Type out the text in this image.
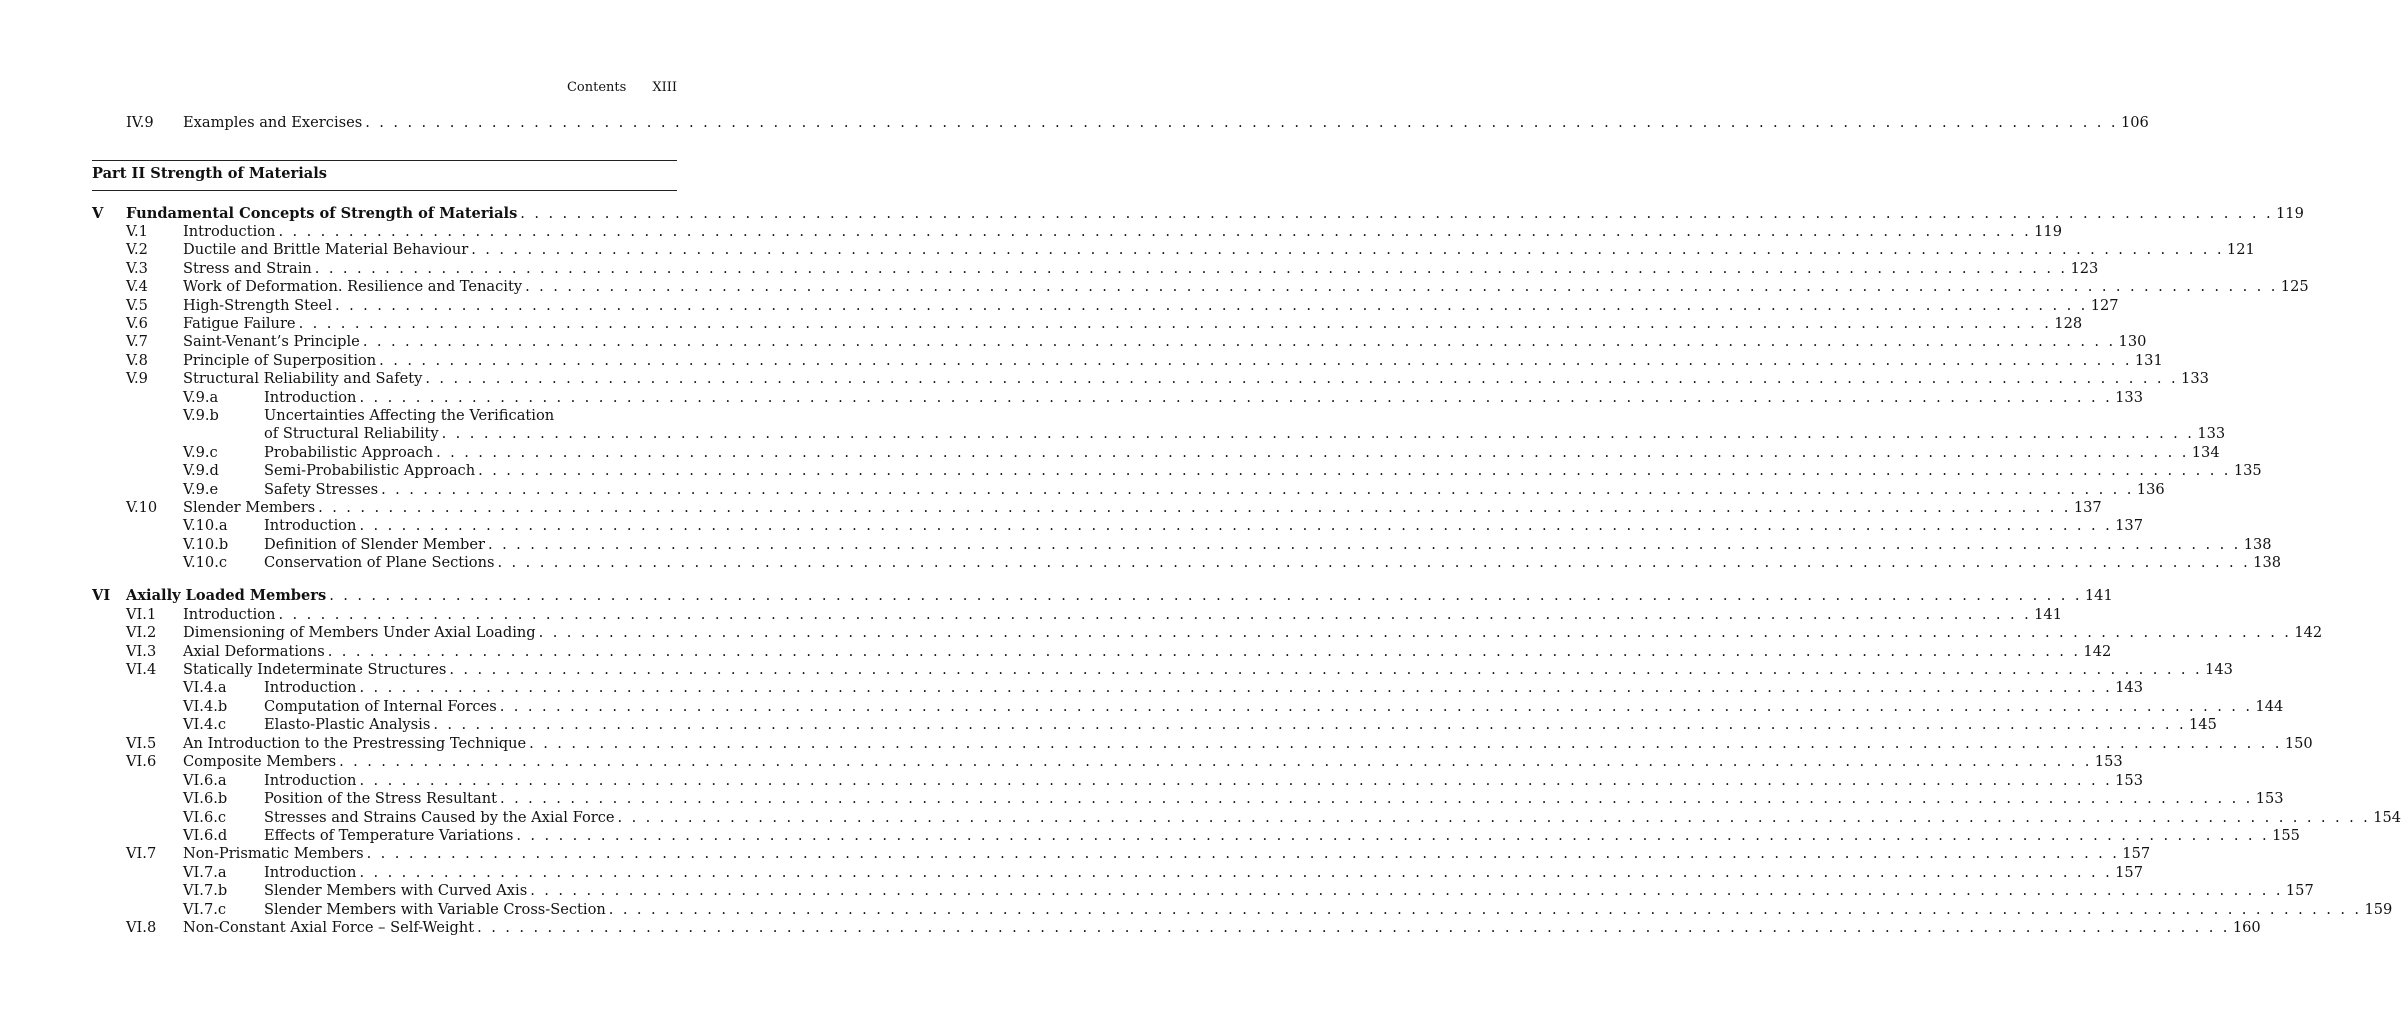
Contents XIII
IV.9	Examples and Exercises . . .	106
Part II Strength of Materials
V	Fundamental Concepts of Strength of Materials . . .	119
V.1	Introduction . . .	119
V.2	Ductile and Brittle Material Behaviour . . .	121
V.3	Stress and Strain . . .	123
V.4	Work of Deformation. Resilience and Tenacity . . .	125
V.5	High-Strength Steel . . .	127
V.6	Fatigue Failure . . .	128
V.7	Saint-Venant’s Principle . . .	130
V.8	Principle of Superposition . . .	131
V.9	Structural Reliability and Safety . . .	133
V.9.a	Introduction . . .	133
V.9.b	Uncertainties Affecting the Verification
of Structural Reliability . . .	133
V.9.c	Probabilistic Approach . . .	134
V.9.d	Semi-Probabilistic Approach . . .	135
V.9.e	Safety Stresses . . .	136
V.10	Slender Members . . .	137
V.10.a	Introduction . . .	137
V.10.b	Definition of Slender Member . . .	138
V.10.c	Conservation of Plane Sections . . .	138
VI	Axially Loaded Members . . .	141
VI.1	Introduction . . .	141
VI.2	Dimensioning of Members Under Axial Loading . . .	142
VI.3	Axial Deformations . . .	142
VI.4	Statically Indeterminate Structures . . .	143
VI.4.a	Introduction . . .	143
VI.4.b	Computation of Internal Forces . . .	144
VI.4.c	Elasto-Plastic Analysis . . .	145
VI.5	An Introduction to the Prestressing Technique . . .	150
VI.6	Composite Members . . .	153
VI.6.a	Introduction . . .	153
VI.6.b	Position of the Stress Resultant . . .	153
VI.6.c	Stresses and Strains Caused by the Axial Force . . .	154
VI.6.d	Effects of Temperature Variations . . .	155
VI.7	Non-Prismatic Members . . .	157
VI.7.a	Introduction . . .	157
VI.7.b	Slender Members with Curved Axis . . .	157
VI.7.c	Slender Members with Variable Cross-Section . . .	159
VI.8	Non-Constant Axial Force – Self-Weight . . .	160
